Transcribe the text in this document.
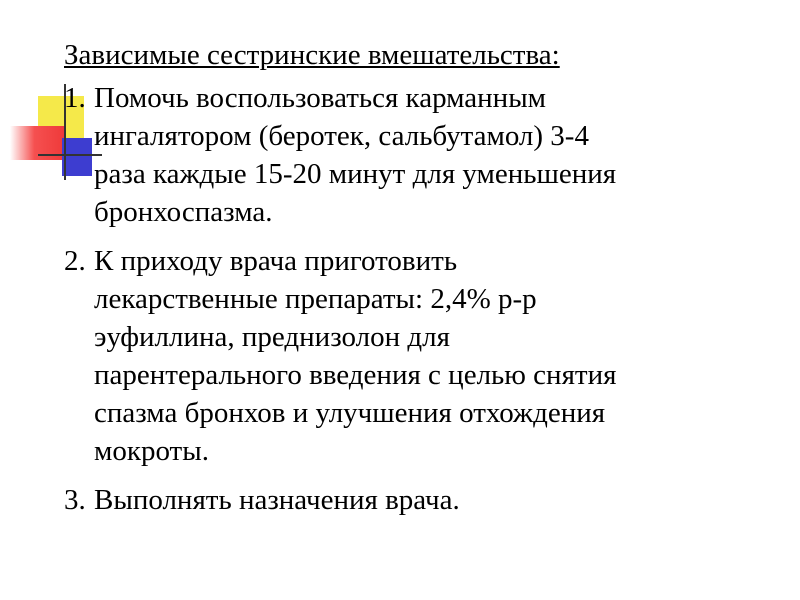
Зависимые сестринские вмешательства:
1. Помочь воспользоваться карманным
ингалятором (беротек, сальбутамол) 3-4
раза каждые 15-20 минут для уменьшения
бронхоспазма.
2. К приходу врача приготовить
лекарственные препараты: 2,4% р-р
эуфиллина, преднизолон для
парентерального введения с целью снятия
спазма бронхов и улучшения отхождения
мокроты.
3. Выполнять назначения врача.
